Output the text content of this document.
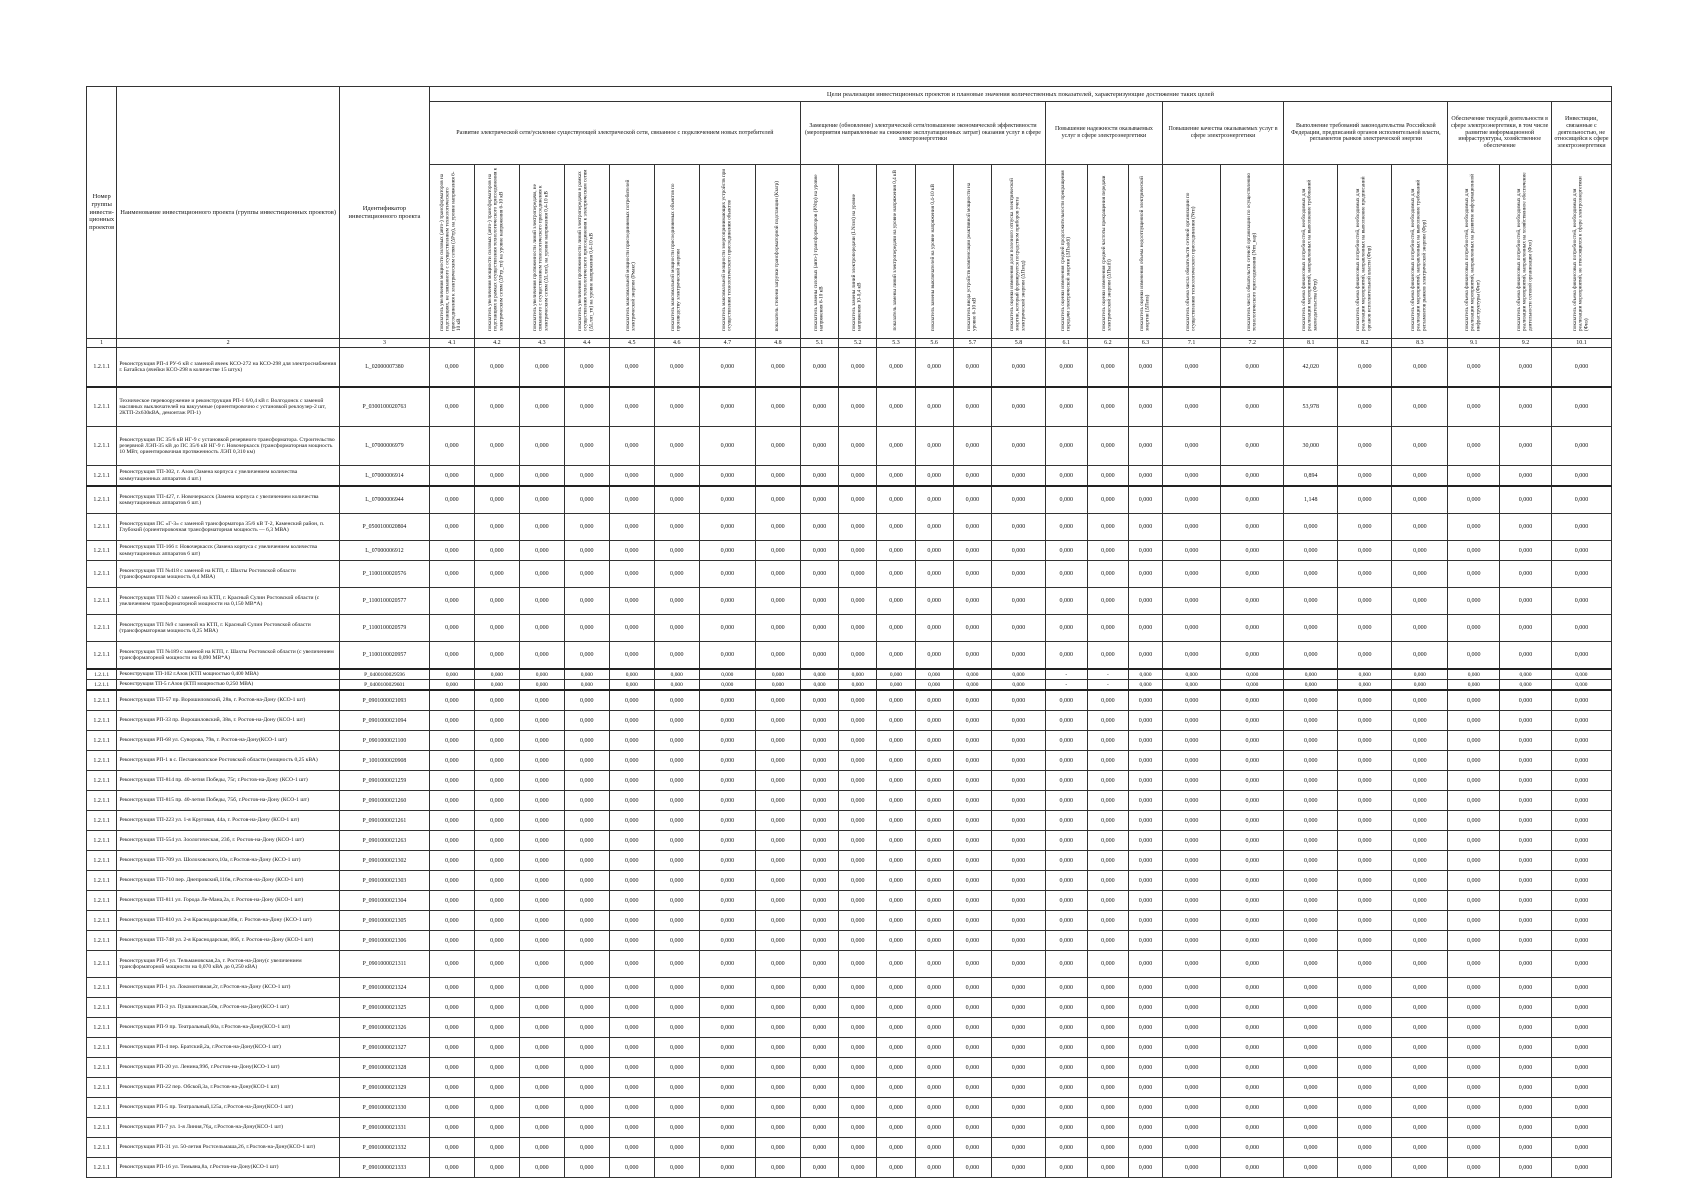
Номер группы инвести-ционных проектов	Наименование инвестиционного проекта (группы инвестиционных проектов)	Идентификатор инвестиционного проекта	Цели реализации инвестиционных проектов и плановые значения количественных показателей, характеризующие достижение таких целей																								
			Развитие электрической сети/усиление существующей электрической сети, связанное с подключением новых потребителей								Замещение (обновление) электрической сети/повышение экономической эффективности (мероприятия направленные на снижение эксплуатационных затрат) оказания услуг в сфере электроэнергетики						Повышение надежности оказываемых услуг в сфере электроэнергетики			Повышение качества оказываемых услуг в сфере электроэнергетики		Выполнение требований законодательства Российской Федерации, предписаний органов исполнительной власти, регламентов рынков электрической энергии			Обеспечение текущей деятельности в сфере электроэнергетики, в том числе развитие информационной инфраструктуры, хозяйственное обеспечение		Инвестиции, связанные с деятельностью, не относящейся к сфере электроэнергетики
			показатель увеличения мощности силовых (авто-) трансформаторов на подстанциях, не связанного с осуществлением технологического присоединения к электрическим сетям (ΔPтр), на уровне напряжения 6-10 кВ	показатель увеличения мощности силовых (авто-) трансформаторов на подстанциях в рамках осуществления технологического присоединения к электрическим сетям (ΔPтр_тп) на уровне напряжения 6-10 кВ	показатель увеличения протяженности линий электропередачи, не связанного с осуществлением технологического присоединения к электрическим сетям (ΔLлэп), на уровне напряжения 0,4-10 кВ	показатель увеличения протяженности линий электропередачи в рамках осуществления технологического присоединения к электрическим сетям (ΔLлэп_тп) на уровне напряжения 0,4-10 кВ	показатель максимальной мощности присоединяемых потребителей электрической энергии (Pмакс)	показатель максимальной мощности присоединяемых объектов по производству электрической энергии	показатель максимальной мощности энергопринимающих устройств при осуществлении технологического присоединения объектов	показатель степени загрузки трансформаторной подстанции (Кзагр)	показатель замены силовых (авто-) трансформаторов (PNтр) на уровне напряжения 6-10 кВ	показатель замены линий электропередачи (LNлэп) на уровне напряжения 10-0,4 кВ	показатель замены линий электропередачи на уровне напряжения 0,4 кВ	показатель замены выключателей на уровне напряжения 0,4-10 кВ	показатель ввода устройств компенсации реактивной мощности на уровне 6-10 кВ	показатель оценки изменения доли полезного отпуска электрической энергии, который формируется посредством приборов учета электрической энергии (ΔПэпд)	показатель оценки изменения средней продолжительности прекращения передачи электрической энергии (ΔПsaidi)	показатель оценки изменения средней частоты прекращения передачи электрической энергии (ΔПsaifi)	показатель оценки изменения объема недоотпущенной электрической энергии (ΔПens)	показатель объема числа обязательств сетевой организации по осуществлению технологического присоединения (Nтп)	показатель числа обязательств сетевой организации по осуществлению технологического присоединения (Nтп_нар)	показатель объема финансовых потребностей, необходимых для реализации мероприятий, направленных на выполнение требований законодательства (Фтр)	показатель объема финансовых потребностей, необходимых для реализации мероприятий, направленных на выполнение предписаний органов исполнительной власти (Фпр)	показатель объема финансовых потребностей, необходимых для реализации мероприятий, направленных на выполнение требований регламентов рынков электрической энергии (Фрр)	показатель объема финансовых потребностей, необходимых для реализации мероприятий, направленных на развитие информационной инфраструктуры (Фит)	показатель объема финансовых потребностей, необходимых для реализации мероприятий, направленных на хозяйственное обеспечение деятельности сетевой организации (Фхо)	показатель объема финансовых потребностей, необходимых для реализации мероприятий, не относящихся к сфере электроэнергетики (Фнэ)
1	2	3	4.1	4.2	4.3	4.4	4.5	4.6	4.7	4.8	5.1	5.2	5.3	5.6	5.7	5.8	6.1	6.2	6.3	7.1	7.2	8.1	8.2	8.3	9.1	9.2	10.1
1.2.1.1	Реконструкция РП-4 РУ-6 кВ с заменой ячеек КСО-272 на КСО-298 для электроснабжения г. Батайска (ячейки КСО-298 в количестве 15 штук)	L_02000007380	0,000	0,000	0,000	0,000	0,000	0,000	0,000	0,000	0,000	0,000	0,000	0,000	0,000	0,000	0,000	0,000	0,000	0,000	0,000	42,020	0,000	0,000	0,000	0,000	0,000
1.2.1.1	Техническое перевооружение и реконструкция РП-1 6/0,4 кВ г. Волгодонск с заменой масляных выключателей на вакуумные (ориентировочно с установкой реклоузер-2 шт, 2КТП-2х630кВА, демонтаж РП-1)	P_0300100020763	0,000	0,000	0,000	0,000	0,000	0,000	0,000	0,000	0,000	0,000	0,000	0,000	0,000	0,000	0,000	0,000	0,000	0,000	0,000	53,978	0,000	0,000	0,000	0,000	0,000
1.2.1.1	Реконструкция ПС 35/6 кВ НГ-9 с установкой резервного трансформатора. Строительство резервной ЛЭП-35 кВ до ПС 35/6 кВ НГ-9 г. Новочеркасск (трансформаторная мощность 10 МВт, ориентировочная протяженность ЛЭП 0,310 км)	L_07000006979	0,000	0,000	0,000	0,000	0,000	0,000	0,000	0,000	0,000	0,000	0,000	0,000	0,000	0,000	0,000	0,000	0,000	0,000	0,000	30,000	0,000	0,000	0,000	0,000	0,000
1.2.1.1	Реконструкция ТП-302, г. Азов (Замена корпуса с увеличением количества коммутационных аппаратов 4 шт.)	L_07000006914	0,000	0,000	0,000	0,000	0,000	0,000	0,000	0,000	0,000	0,000	0,000	0,000	0,000	0,000	0,000	0,000	0,000	0,000	0,000	0,894	0,000	0,000	0,000	0,000	0,000
1.2.1.1	Реконструкция ТП-427, г. Новочеркасск (Замена корпуса с увеличением количества коммутационных аппаратов 6 шт.)	L_07000006944	0,000	0,000	0,000	0,000	0,000	0,000	0,000	0,000	0,000	0,000	0,000	0,000	0,000	0,000	0,000	0,000	0,000	0,000	0,000	1,148	0,000	0,000	0,000	0,000	0,000
1.2.1.1	Реконструкция ПС «Г-3» с заменой трансформатора 35/6 кВ Т-2, Каменский район, п. Глубокий (ориентировочная трансформаторная мощность — 6,3 МВА)	P_0500100020804	0,000	0,000	0,000	0,000	0,000	0,000	0,000	0,000	0,000	0,000	0,000	0,000	0,000	0,000	0,000	0,000	0,000	0,000	0,000	0,000	0,000	0,000	0,000	0,000	0,000
1.2.1.1	Реконструкция ТП-166 г. Новочеркасск (Замена корпуса с увеличением количества коммутационных аппаратов 6 шт)	L_07000006912	0,000	0,000	0,000	0,000	0,000	0,000	0,000	0,000	0,000	0,000	0,000	0,000	0,000	0,000	0,000	0,000	0,000	0,000	0,000	0,000	0,000	0,000	0,000	0,000	0,000
1.2.1.1	Реконструкция ТП №418 с заменой на КТП, г. Шахты Ростовской области (трансформаторная мощность 0,4 МВА)	P_1100100020576	0,000	0,000	0,000	0,000	0,000	0,000	0,000	0,000	0,000	0,000	0,000	0,000	0,000	0,000	0,000	0,000	0,000	0,000	0,000	0,000	0,000	0,000	0,000	0,000	0,000
1.2.1.1	Реконструкция ТП №20 с заменой на КТП, г. Красный Сулин Ростовской области (с увеличением трансформаторной мощности на 0,150 МВ*А)	P_1100100020577	0,000	0,000	0,000	0,000	0,000	0,000	0,000	0,000	0,000	0,000	0,000	0,000	0,000	0,000	0,000	0,000	0,000	0,000	0,000	0,000	0,000	0,000	0,000	0,000	0,000
1.2.1.1	Реконструкция ТП №9 с заменой на КТП, г. Красный Сулин Ростовской области (трансформаторная мощность 0,25 МВА)	P_1100100020579	0,000	0,000	0,000	0,000	0,000	0,000	0,000	0,000	0,000	0,000	0,000	0,000	0,000	0,000	0,000	0,000	0,000	0,000	0,000	0,000	0,000	0,000	0,000	0,000	0,000
1.2.1.1	Реконструкция ТП №189 с заменой на КТП, г. Шахты Ростовской области (с увеличением трансформаторной мощности на 0,090 МВ*А)	P_1100100020957	0,000	0,000	0,000	0,000	0,000	0,000	0,000	0,000	0,000	0,000	0,000	0,000	0,000	0,000	0,000	0,000	0,000	0,000	0,000	0,000	0,000	0,000	0,000	0,000	0,000
1.2.1.1	Реконструкция ТП-102 г.Азов (КТП мощностью 0,400 МВА)	P_0400100029596	0,000	0,000	0,000	0,000	0,000	0,000	0,000	0,000	0,000	0,000	0,000	0,000	0,000	0,000	-	-	0,000	0,000	0,000	0,000	0,000	0,000	0,000	0,000	0,000
1.2.1.1	Реконструкция ТП-5 г.Азов (КТП мощностью 0,250 МВА)	P_0400100029601	0,000	0,000	0,000	0,000	0,000	0,000	0,000	0,000	0,000	0,000	0,000	0,000	0,000	0,000	-	-	0,000	0,000	0,000	0,000	0,000	0,000	0,000	0,000	0,000
1.2.1.1	Реконструкция ТП-57 пр. Ворошиловский, 28в, г. Ростов-на-Дону (КСО-1 шт)	P_0901000021093	0,000	0,000	0,000	0,000	0,000	0,000	0,000	0,000	0,000	0,000	0,000	0,000	0,000	0,000	0,000	0,000	0,000	0,000	0,000	0,000	0,000	0,000	0,000	0,000	0,000
1.2.1.1	Реконструкция РП-33 пр. Ворошиловский, 38в, г. Ростов-на-Дону (КСО-1 шт)	P_0901000021094	0,000	0,000	0,000	0,000	0,000	0,000	0,000	0,000	0,000	0,000	0,000	0,000	0,000	0,000	0,000	0,000	0,000	0,000	0,000	0,000	0,000	0,000	0,000	0,000	0,000
1.2.1.1	Реконструкция РП-68 ул. Суворова, 79в, г. Ростов-на-Дону(КСО-1 шт)	P_0901000021100	0,000	0,000	0,000	0,000	0,000	0,000	0,000	0,000	0,000	0,000	0,000	0,000	0,000	0,000	0,000	0,000	0,000	0,000	0,000	0,000	0,000	0,000	0,000	0,000	0,000
1.2.1.1	Реконструкция РП-1 в с. Песчанокопское Ростовской области (мощность 0,25 кВА)	P_1001000020908	0,000	0,000	0,000	0,000	0,000	0,000	0,000	0,000	0,000	0,000	0,000	0,000	0,000	0,000	0,000	0,000	0,000	0,000	0,000	0,000	0,000	0,000	0,000	0,000	0,000
1.2.1.1	Реконструкция ТП-814 пр. 40-летия Победы, 75г, г.Ростов-на-Дону (КСО-1 шт)	P_0901000021259	0,000	0,000	0,000	0,000	0,000	0,000	0,000	0,000	0,000	0,000	0,000	0,000	0,000	0,000	0,000	0,000	0,000	0,000	0,000	0,000	0,000	0,000	0,000	0,000	0,000
1.2.1.1	Реконструкция ТП-815 пр. 40-летия Победы, 75б, г.Ростов-на-Дону (КСО-1 шт)	P_0901000021260	0,000	0,000	0,000	0,000	0,000	0,000	0,000	0,000	0,000	0,000	0,000	0,000	0,000	0,000	0,000	0,000	0,000	0,000	0,000	0,000	0,000	0,000	0,000	0,000	0,000
1.2.1.1	Реконструкция ТП-223 ул. 1-я Круговая, 44а, г. Ростов-на-Дону (КСО-1 шт)	P_0901000021261	0,000	0,000	0,000	0,000	0,000	0,000	0,000	0,000	0,000	0,000	0,000	0,000	0,000	0,000	0,000	0,000	0,000	0,000	0,000	0,000	0,000	0,000	0,000	0,000	0,000
1.2.1.1	Реконструкция ТП-554 ул. Зоологическая, 23б, г. Ростов-на-Дону (КСО-1 шт)	P_0901000021263	0,000	0,000	0,000	0,000	0,000	0,000	0,000	0,000	0,000	0,000	0,000	0,000	0,000	0,000	0,000	0,000	0,000	0,000	0,000	0,000	0,000	0,000	0,000	0,000	0,000
1.2.1.1	Реконструкция ТП-709 ул. Шолоховского,10а, г.Ростов-на-Дону (КСО-1 шт)	P_0901000021302	0,000	0,000	0,000	0,000	0,000	0,000	0,000	0,000	0,000	0,000	0,000	0,000	0,000	0,000	0,000	0,000	0,000	0,000	0,000	0,000	0,000	0,000	0,000	0,000	0,000
1.2.1.1	Реконструкция ТП-710 пер. Днепровский,116в, г.Ростов-на-Дону (КСО-1 шт)	P_0901000021303	0,000	0,000	0,000	0,000	0,000	0,000	0,000	0,000	0,000	0,000	0,000	0,000	0,000	0,000	0,000	0,000	0,000	0,000	0,000	0,000	0,000	0,000	0,000	0,000	0,000
1.2.1.1	Реконструкция ТП-811 ул. Города Ле-Мана,2а, г. Ростов-на-Дону (КСО-1 шт)	P_0901000021304	0,000	0,000	0,000	0,000	0,000	0,000	0,000	0,000	0,000	0,000	0,000	0,000	0,000	0,000	0,000	0,000	0,000	0,000	0,000	0,000	0,000	0,000	0,000	0,000	0,000
1.2.1.1	Реконструкция ТП-810 ул. 2-я Краснодарская,86в, г. Ростов-на-Дону (КСО-1 шт)	P_0901000021305	0,000	0,000	0,000	0,000	0,000	0,000	0,000	0,000	0,000	0,000	0,000	0,000	0,000	0,000	0,000	0,000	0,000	0,000	0,000	0,000	0,000	0,000	0,000	0,000	0,000
1.2.1.1	Реконструкция ТП-748 ул. 2-я Краснодарская, 86б, г. Ростов-на-Дону (КСО-1 шт)	P_0901000021306	0,000	0,000	0,000	0,000	0,000	0,000	0,000	0,000	0,000	0,000	0,000	0,000	0,000	0,000	0,000	0,000	0,000	0,000	0,000	0,000	0,000	0,000	0,000	0,000	0,000
1.2.1.1	Реконструкция РП-6 ул. Тельмановская,2а, г. Ростов-на-Дону(с увеличением трансформаторной мощности на 0,070 кВА до 0,250 кВА)	P_0901000021311	0,000	0,000	0,000	0,000	0,000	0,000	0,000	0,000	0,000	0,000	0,000	0,000	0,000	0,000	0,000	0,000	0,000	0,000	0,000	0,000	0,000	0,000	0,000	0,000	0,000
1.2.1.1	Реконструкция РП-1 ул. Локомотивная,2г, г.Ростов-на-Дону (КСО-1 шт)	P_0901000021324	0,000	0,000	0,000	0,000	0,000	0,000	0,000	0,000	0,000	0,000	0,000	0,000	0,000	0,000	0,000	0,000	0,000	0,000	0,000	0,000	0,000	0,000	0,000	0,000	0,000
1.2.1.1	Реконструкция РП-3 ул. Пушкинская,50в, г.Ростов-на-Дону(КСО-1 шт)	P_0901000021325	0,000	0,000	0,000	0,000	0,000	0,000	0,000	0,000	0,000	0,000	0,000	0,000	0,000	0,000	0,000	0,000	0,000	0,000	0,000	0,000	0,000	0,000	0,000	0,000	0,000
1.2.1.1	Реконструкция РП-9 пр. Театральный,60а, г.Ростов-на-Дону(КСО-1 шт)	P_0901000021326	0,000	0,000	0,000	0,000	0,000	0,000	0,000	0,000	0,000	0,000	0,000	0,000	0,000	0,000	0,000	0,000	0,000	0,000	0,000	0,000	0,000	0,000	0,000	0,000	0,000
1.2.1.1	Реконструкция РП-4 пер. Братский,2а, г.Ростов-на-Дону(КСО-1 шт)	P_0901000021327	0,000	0,000	0,000	0,000	0,000	0,000	0,000	0,000	0,000	0,000	0,000	0,000	0,000	0,000	0,000	0,000	0,000	0,000	0,000	0,000	0,000	0,000	0,000	0,000	0,000
1.2.1.1	Реконструкция РП-20 ул. Ленина,99б, г.Ростов-на-Дону(КСО-1 шт)	P_0901000021328	0,000	0,000	0,000	0,000	0,000	0,000	0,000	0,000	0,000	0,000	0,000	0,000	0,000	0,000	0,000	0,000	0,000	0,000	0,000	0,000	0,000	0,000	0,000	0,000	0,000
1.2.1.1	Реконструкция РП-22 пер. Обской,3а, г.Ростов-на-Дону(КСО-1 шт)	P_0901000021329	0,000	0,000	0,000	0,000	0,000	0,000	0,000	0,000	0,000	0,000	0,000	0,000	0,000	0,000	0,000	0,000	0,000	0,000	0,000	0,000	0,000	0,000	0,000	0,000	0,000
1.2.1.1	Реконструкция РП-5 пр. Театральный,125а, г.Ростов-на-Дону(КСО-1 шт)	P_0901000021330	0,000	0,000	0,000	0,000	0,000	0,000	0,000	0,000	0,000	0,000	0,000	0,000	0,000	0,000	0,000	0,000	0,000	0,000	0,000	0,000	0,000	0,000	0,000	0,000	0,000
1.2.1.1	Реконструкция РП-7 ул. 1-я Линия,76д, г.Ростов-на-Дону(КСО-1 шт)	P_0901000021331	0,000	0,000	0,000	0,000	0,000	0,000	0,000	0,000	0,000	0,000	0,000	0,000	0,000	0,000	0,000	0,000	0,000	0,000	0,000	0,000	0,000	0,000	0,000	0,000	0,000
1.2.1.1	Реконструкция РП-31 ул. 50-летия Ростсельмаша,26, г.Ростов-на-Дону(КСО-1 шт)	P_0901000021332	0,000	0,000	0,000	0,000	0,000	0,000	0,000	0,000	0,000	0,000	0,000	0,000	0,000	0,000	0,000	0,000	0,000	0,000	0,000	0,000	0,000	0,000	0,000	0,000	0,000
1.2.1.1	Реконструкция РП-16 ул. Темьяна,8а, г.Ростов-на-Дону(КСО-1 шт)	P_0901000021333	0,000	0,000	0,000	0,000	0,000	0,000	0,000	0,000	0,000	0,000	0,000	0,000	0,000	0,000	0,000	0,000	0,000	0,000	0,000	0,000	0,000	0,000	0,000	0,000	0,000
